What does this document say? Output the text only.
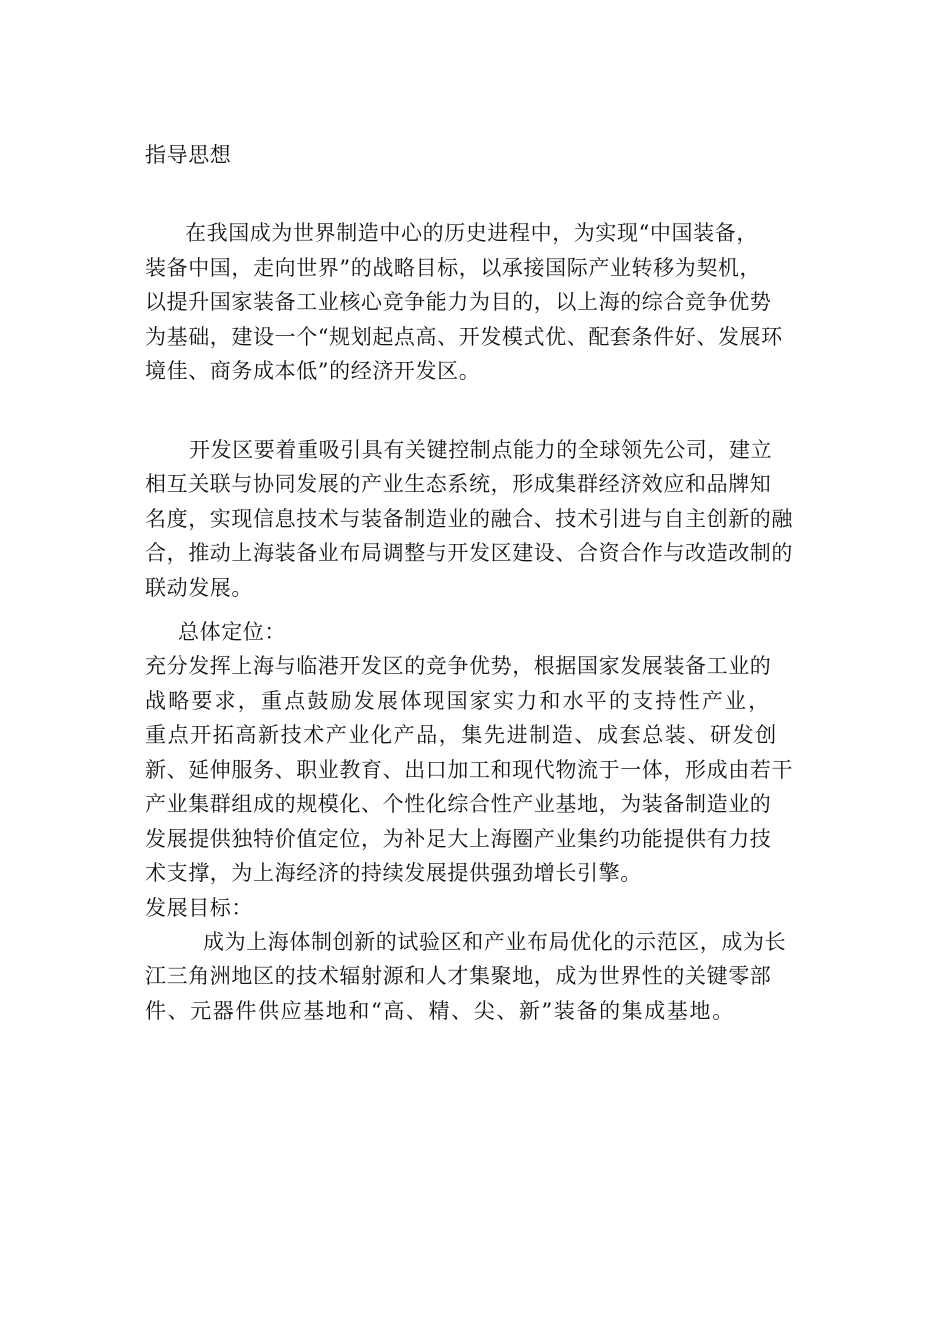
指导思想
在我国成为世界制造中心的历史进程中，为实现“中国装备，
装备中国，走向世界”的战略目标，以承接国际产业转移为契机，
以提升国家装备工业核心竞争能力为目的，以上海的综合竞争优势
为基础，建设一个“规划起点高、开发模式优、配套条件好、发展环
境佳、商务成本低”的经济开发区。
开发区要着重吸引具有关键控制点能力的全球领先公司，建立
相互关联与协同发展的产业生态系统，形成集群经济效应和品牌知
名度，实现信息技术与装备制造业的融合、技术引进与自主创新的融
合，推动上海装备业布局调整与开发区建设、合资合作与改造改制的
联动发展。
总体定位：
充分发挥上海与临港开发区的竞争优势，根据国家发展装备工业的
战略要求，重点鼓励发展体现国家实力和水平的支持性产业，
重点开拓高新技术产业化产品，集先进制造、成套总装、研发创
新、延伸服务、职业教育、出口加工和现代物流于一体，形成由若干
产业集群组成的规模化、个性化综合性产业基地，为装备制造业的
发展提供独特价值定位，为补足大上海圈产业集约功能提供有力技
术支撑，为上海经济的持续发展提供强劲增长引擎。
发展目标：
成为上海体制创新的试验区和产业布局优化的示范区，成为长
江三角洲地区的技术辐射源和人才集聚地，成为世界性的关键零部
件、元器件供应基地和“高、精、尖、新”装备的集成基地。
